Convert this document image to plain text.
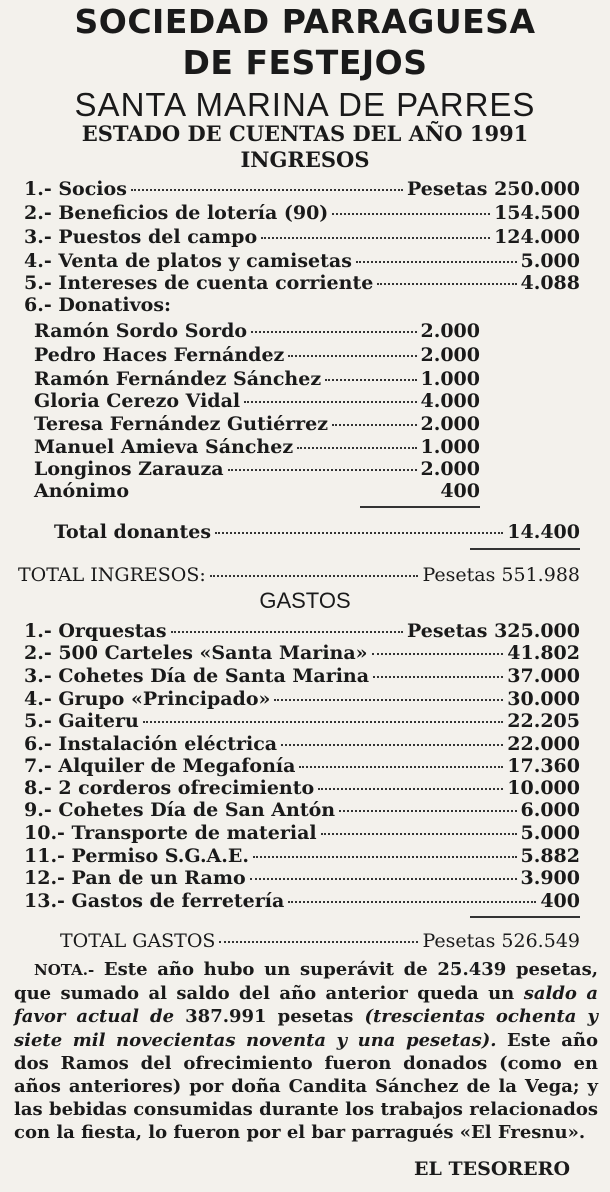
SOCIEDAD PARRAGUESA
DE FESTEJOS
SANTA MARINA DE PARRES
ESTADO DE CUENTAS DEL AÑO 1991
INGRESOS
1.- Socios	Pesetas 250.000
2.- Beneficios de lotería (90)	154.500
3.- Puestos del campo	124.000
4.- Venta de platos y camisetas	5.000
5.- Intereses de cuenta corriente	4.088
6.- Donativos:
Ramón Sordo Sordo	2.000
Pedro Haces Fernández	2.000
Ramón Fernández Sánchez	1.000
Gloria Cerezo Vidal	4.000
Teresa Fernández Gutiérrez	2.000
Manuel Amieva Sánchez	1.000
Longinos Zarauza	2.000
Anónimo	400
Total donantes	14.400
TOTAL INGRESOS:	Pesetas 551.988
GASTOS
1.- Orquestas	Pesetas 325.000
2.- 500 Carteles «Santa Marina»	41.802
3.- Cohetes Día de Santa Marina	37.000
4.- Grupo «Principado»	30.000
5.- Gaiteru	22.205
6.- Instalación eléctrica	22.000
7.- Alquiler de Megafonía	17.360
8.- 2 corderos ofrecimiento	10.000
9.- Cohetes Día de San Antón	6.000
10.- Transporte de material	5.000
11.- Permiso S.G.A.E.	5.882
12.- Pan de un Ramo	3.900
13.- Gastos de ferretería	400
TOTAL GASTOS	Pesetas 526.549
NOTA.- Este año hubo un superávit de 25.439 pesetas, que sumado al saldo del año anterior queda un saldo a favor actual de 387.991 pesetas (trescientas ochenta y siete mil novecientas noventa y una pesetas). Este año dos Ramos del ofrecimiento fueron donados (como en años anteriores) por doña Candita Sánchez de la Vega; y las bebidas consumidas durante los trabajos relacionados con la fiesta, lo fueron por el bar parragués «El Fresnu».
EL TESORERO
